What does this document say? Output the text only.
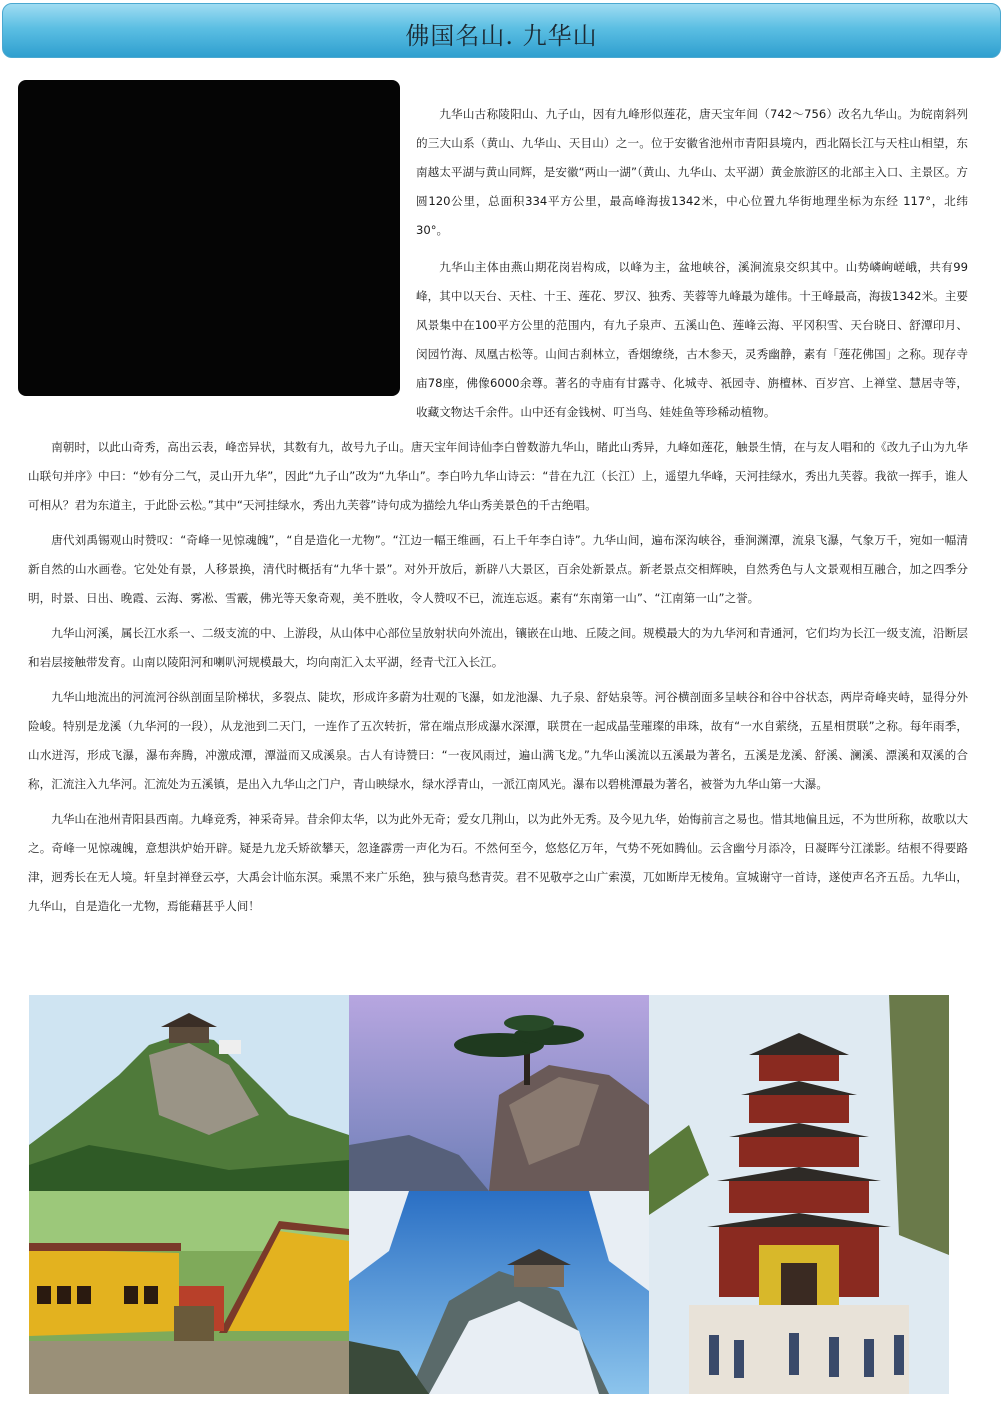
佛国名山. 九华山

九华山古称陵阳山、九子山，因有九峰形似莲花，唐天宝年间（742～756）改名九华山。为皖南斜列的三大山系（黄山、九华山、天目山）之一。位于安徽省池州市青阳县境内，西北隔长江与天柱山相望，东南越太平湖与黄山同辉，是安徽“两山一湖”（黄山、九华山、太平湖）黄金旅游区的北部主入口、主景区。方圆120公里，总面积334平方公里，最高峰海拔1342米，中心位置九华街地理坐标为东经 117°，北纬30°。

九华山主体由燕山期花岗岩构成，以峰为主，盆地峡谷，溪涧流泉交织其中。山势嶙峋嵯峨，共有99峰，其中以天台、天柱、十王、莲花、罗汉、独秀、芙蓉等九峰最为雄伟。十王峰最高，海拔1342米。主要风景集中在100平方公里的范围内，有九子泉声、五溪山色、莲峰云海、平冈积雪、天台晓日、舒潭印月、闵园竹海、凤凰古松等。山间古刹林立，香烟缭绕，古木参天，灵秀幽静，素有「莲花佛国」之称。现存寺庙78座，佛像6000余尊。著名的寺庙有甘露寺、化城寺、祇园寺、旃檀林、百岁宫、上禅堂、慧居寺等，收藏文物达千余件。山中还有金钱树、叮当鸟、娃娃鱼等珍稀动植物。

南朝时，以此山奇秀，高出云表，峰峦异状，其数有九，故号九子山。唐天宝年间诗仙李白曾数游九华山，睹此山秀异，九峰如莲花，触景生情，在与友人唱和的《改九子山为九华山联句并序》中曰：“妙有分二气，灵山开九华”，因此“九子山”改为“九华山”。李白吟九华山诗云：“昔在九江（长江）上，遥望九华峰，天河挂绿水，秀出九芙蓉。我欲一挥手，谁人可相从？君为东道主，于此卧云松。”其中“天河挂绿水，秀出九芙蓉”诗句成为描绘九华山秀美景色的千古绝唱。

唐代刘禹锡观山时赞叹：“奇峰一见惊魂魄”，“自是造化一尤物”。“江边一幅王维画，石上千年李白诗”。九华山间，遍布深沟峡谷，垂涧渊潭，流泉飞瀑，气象万千，宛如一幅清新自然的山水画卷。它处处有景，人移景换，清代时概括有“九华十景”。对外开放后，新辟八大景区，百余处新景点。新老景点交相辉映，自然秀色与人文景观相互融合，加之四季分明，时景、日出、晚霞、云海、雾凇、雪霰，佛光等天象奇观，美不胜收，令人赞叹不已，流连忘返。素有“东南第一山”、“江南第一山”之誉。

九华山河溪，属长江水系一、二级支流的中、上游段，从山体中心部位呈放射状向外流出，镶嵌在山地、丘陵之间。规模最大的为九华河和青通河，它们均为长江一级支流，沿断层和岩层接触带发育。山南以陵阳河和喇叭河规模最大，均向南汇入太平湖，经青弋江入长江。

九华山地流出的河流河谷纵剖面呈阶梯状，多裂点、陡坎，形成许多蔚为壮观的飞瀑，如龙池瀑、九子泉、舒姑泉等。河谷横剖面多呈峡谷和谷中谷状态，两岸奇峰夹峙，显得分外险峻。特别是龙溪（九华河的一段），从龙池到二天门，一连作了五次转折，常在端点形成瀑水深潭，联贯在一起成晶莹璀璨的串珠，故有“一水自萦绕，五星相贯联”之称。每年雨季，山水迸泻，形成飞瀑，瀑布奔腾，冲激成潭，潭溢而又成溪泉。古人有诗赞曰：“一夜风雨过，遍山满飞龙。”九华山溪流以五溪最为著名，五溪是龙溪、舒溪、澜溪、漂溪和双溪的合称，汇流注入九华河。汇流处为五溪镇，是出入九华山之门户，青山映绿水，绿水浮青山，一派江南风光。瀑布以碧桃潭最为著名，被誉为九华山第一大瀑。

九华山在池州青阳县西南。九峰竞秀，神采奇异。昔余仰太华，以为此外无奇；爱女几荆山，以为此外无秀。及今见九华，始悔前言之易也。惜其地偏且远，不为世所称，故歌以大之。奇峰一见惊魂魄，意想洪炉始开辟。疑是九龙夭矫欲攀天，忽逢霹雳一声化为石。不然何至今，悠悠亿万年，气势不死如腾仙。云含幽兮月添冷，日凝晖兮江漾影。结根不得要路津，迥秀长在无人境。轩皇封禅登云亭，大禹会计临东溟。乘黑不来广乐绝，独与猿鸟愁青荧。君不见敬亭之山广索漠，兀如断岸无棱角。宣城谢守一首诗，遂使声名齐五岳。九华山，九华山，自是造化一尤物，焉能藉甚乎人间！
